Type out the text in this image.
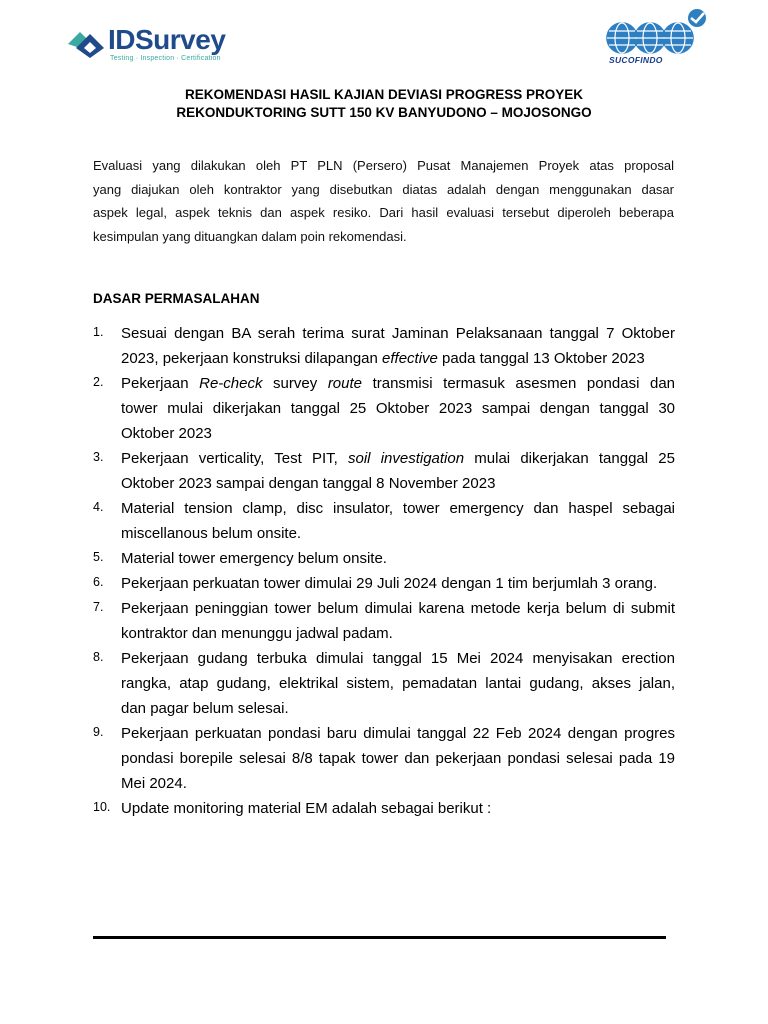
IDSurvey
Testing · Inspection · Certification	SUCOFINDO
REKOMENDASI HASIL KAJIAN DEVIASI PROGRESS PROYEK
REKONDUKTORING SUTT 150 KV BANYUDONO – MOJOSONGO
Evaluasi yang dilakukan oleh PT PLN (Persero) Pusat Manajemen Proyek atas proposal
yang diajukan oleh kontraktor yang disebutkan diatas adalah dengan menggunakan dasar
aspek legal, aspek teknis dan aspek resiko. Dari hasil evaluasi tersebut diperoleh beberapa
kesimpulan yang dituangkan dalam poin rekomendasi.
DASAR PERMASALAHAN
1.	Sesuai dengan BA serah terima surat Jaminan Pelaksanaan tanggal 7 Oktober
2023, pekerjaan konstruksi dilapangan effective pada tanggal 13 Oktober 2023
2.	Pekerjaan Re-check survey route transmisi termasuk asesmen pondasi dan
tower mulai dikerjakan tanggal 25 Oktober 2023 sampai dengan tanggal 30
Oktober 2023
3.	Pekerjaan verticality, Test PIT, soil investigation mulai dikerjakan tanggal 25
Oktober 2023 sampai dengan tanggal 8 November 2023
4.	Material tension clamp, disc insulator, tower emergency dan haspel sebagai
miscellanous belum onsite.
5.	Material tower emergency belum onsite.
6.	Pekerjaan perkuatan tower dimulai 29 Juli 2024 dengan 1 tim berjumlah 3 orang.
7.	Pekerjaan peninggian tower belum dimulai karena metode kerja belum di submit
kontraktor dan menunggu jadwal padam.
8.	Pekerjaan gudang terbuka dimulai tanggal 15 Mei 2024 menyisakan erection
rangka, atap gudang, elektrikal sistem, pemadatan lantai gudang, akses jalan,
dan pagar belum selesai.
9.	Pekerjaan perkuatan pondasi baru dimulai tanggal 22 Feb 2024 dengan progres
pondasi borepile selesai 8/8 tapak tower dan pekerjaan pondasi selesai pada 19
Mei 2024.
10. Update monitoring material EM adalah sebagai berikut :
